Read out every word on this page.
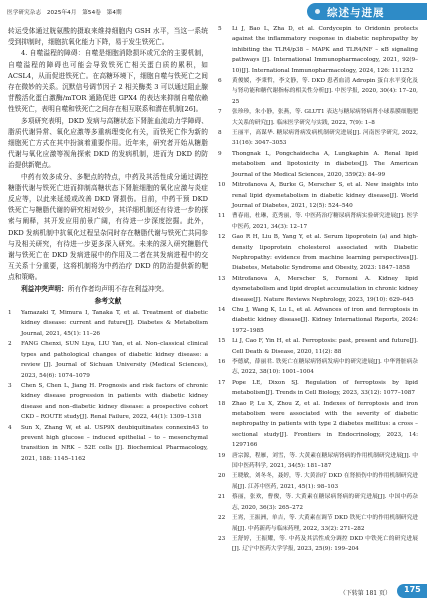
医学研究杂志　2025年4月　第54卷　第4期	综述与进展

转运受体通过胱氨酸的摄取来维持细胞内 GSH 水平，当这一系统受到抑制时，细胞抗氧化能力下降，易于发生铁死亡。

4. 自噬溢程的障碍：自噬是细胞消除损坏或冗余的主要机制，自噬溢程的障碍也可能会导致铁死亡相关蛋白质的累积，如 ACSL4，从而促进铁死亡。在高糖环境下，细胞自噬与铁死亡之间存在微妙的关系。沉默信号调节因子 2 相关酶类 3 可以通过阻止腺苷酸活化蛋白激酶/mTOR 通路促进 GPX4 的表达来抑制自噬依赖性铁死亡，表明自噬和铁死亡之间存在相互联系和潜在机制[26]。

多项研究表明，DKD 发病与高糖状态下肾脏血流动力学障碍、脂质代谢异常、氧化应激等多重病理变化有关，而铁死亡作为新的细胞死亡方式在其中扮演着重要作用。近年来，研究者开始从糖脂代谢与氧化应激等视角探索 DKD 的发病机制，进而为 DKD 的防治提供新靶点。

中药有效多成分、多靶点的特点，中药及其活性成分通过调控糖脂代谢与铁死亡进而抑制高糖状态下肾脏细胞的氧化应激与炎症反应等，以此来延缓或改善 DKD 肾损伤。目前，中药干预 DKD 铁死亡与糖脂代谢的研究相对较少，其详细机制还有待进一步的探索与阐释，其开发应用前景广阔，有待进一步深度挖掘。此外，DKD 发病机制中抗氧化过程呈杂同时存在糖脂代谢与铁死亡共同参与及相关研究，有待进一步更多深入研究。未来的深入研究糖脂代谢与铁死亡在 DKD 发病进展中的作用及二者在其发病进程中的交互关系十分重要，这将机制将为中药治疗 DKD 的防治提供新的靶点和策略。

利益冲突声明：所有作者均声明不存在利益冲突。

参考文献
1 Yamazaki T, Mimura I, Tanaka T, et al. Treatment of diabetic kidney disease: current and future[J]. Diabetes & Metabolism Journal, 2021, 45(1): 11–26
2 FANG Chenxi, SUN Liya, LIU Yan, et al. Non–classical clinical types and pathological changes of diabetic kidney disease: a review [J]. Journal of Sichuan University (Medical Sciences), 2023, 54(6): 1074–1079
3 Chen S, Chen L, Jiang H. Prognosis and risk factors of chronic kidney disease progression in patients with diabetic kidney disease and non–diabetic kidney disease: a prospective cohort CKD – ROUTE study[J]. Renal Failure, 2022, 44(1): 1309–1318
4 Sun X, Zhang W, et al. USP9X deubiquitinates connexin43 to prevent high glucose – induced epithelial – to – mesenchymal transition in NRK – 52E cells [J]. Biochemical Pharmacology, 2021, 188: 1145–1162
5 Li J, Bao L, Zha D, et al. Cordycepin to Oridonin protects against the inflammatory response in diabetic nephropathy by inhibiting the TLR4/p38 – MAPK and TLR4/NF – κB signaling pathways [J]. International Immunopharmacology, 2021, 92(9–10)[J]. International Immunopharmacology, 2024, 126: 111252
6 黄俊媛，李秉哲，李文静，等. DKD 患者血清 Adropin 蛋白水平变化及与肾功能和糖代谢指标的相关性分析[J]. 中医学报, 2020, 30(4): 17–20, 25
7 张珍珍，朱小静，张燕，等. GLUT1 表达与糖尿病肾病肾小球系膜细胞肥大关系的研究[J]. 临床医学研究与实践, 2022, 7(9): 1–8
8 王丽平，高谋华. 糖尿病肾病发病机制研究进展[J]. 河南医学研究, 2022, 31(16): 3047–3053
9 Thongnak L, Pongchaidecha A, Lungkaphin A. Renal lipid metabolism and lipotoxicity in diabetes[J]. The American Journal of the Medical Sciences, 2020, 359(2): 84–99
10 Mitrofanova A, Burke G, Merscher S, et al. New insights into renal lipid dysmetabolism in diabetic kidney disease[J]. World Journal of Diabetes, 2021, 12(5): 524–540
11 曹春雨，杜琳，范秀丽，等. 中医药治疗糖尿病肾病实验研究进展[J]. 医学中医药, 2021, 34(3): 12–17
12 Gao R H, Liu B, Yang Y, et al. Serum lipoprotein (a) and high-density lipoprotein cholesterol associated with Diabetic Nephropathy: evidence from machine learning perspectives[J]. Diabetes, Metabolic Syndrome and Obesity, 2023: 1847–1858
13 Mitrofanova A, Merscher S, Fornoni A. Kidney lipid dysmetabolism and lipid droplet accumulation in chronic kidney disease[J]. Nature Reviews Nephrology, 2023, 19(10): 629–645
14 Chu J, Wang K, Lu L, et al. Advances of iron and ferroptosis in diabetic kidney disease[J]. Kidney International Reports, 2024: 1972–1985
15 Li J, Cao F, Yin H, et al. Ferroptosis: past, present and future[J]. Cell Death & Disease, 2020, 11(2): 88
16 李德斌，薛丽君. 铁死亡在糖尿病肾病发病中的研究进展[J]. 中华肾脏病杂志, 2022, 38(10): 1001–1004
17 Pope LE, Dixon SJ. Regulation of ferroptosis by lipid metabolism[J]. Trends in Cell Biology, 2023, 33(12): 1077–1087
18 Zhao P, Lu X, Zhou Z, et al. Indexes of ferroptosis and iron metabolism were associated with the severity of diabetic nephropathy in patients with type 2 diabetes mellitus: a cross – sectional study[J]. Frontiers in Endocrinology, 2023, 14: 1297166
19 唐宗源，程雁，刘雪，等. 大黄素在糖尿病肾病的作用机制研究进展[J]. 中国中医药科学, 2021, 34(5): 181–187
20 王晓敏，刘冬冬，聂婷，等. 大黄治疗 DKD 在肾损伤中的作用机制研究进展[J]. 江苏中医药, 2021, 45(1): 98–103
21 蔡丽，张欢，曹俊，等. 大黄素在糖尿病肾病的研究进展[J]. 中国中药杂志, 2020, 36(3): 265–272
22 王霄，王振洲，单吉，等. 大黄素在调节 DKD 铁死亡中的作用机制研究进展[J]. 中药新药与临床药理, 2022, 33(2): 271–282
23 王舒婷，王振耀，等. 中药及其活性成分调控 DKD 中铁死亡的研究进展[J]. 辽宁中医药大学学报, 2023, 25(9): 199–204
（下转第 181 页） 175
